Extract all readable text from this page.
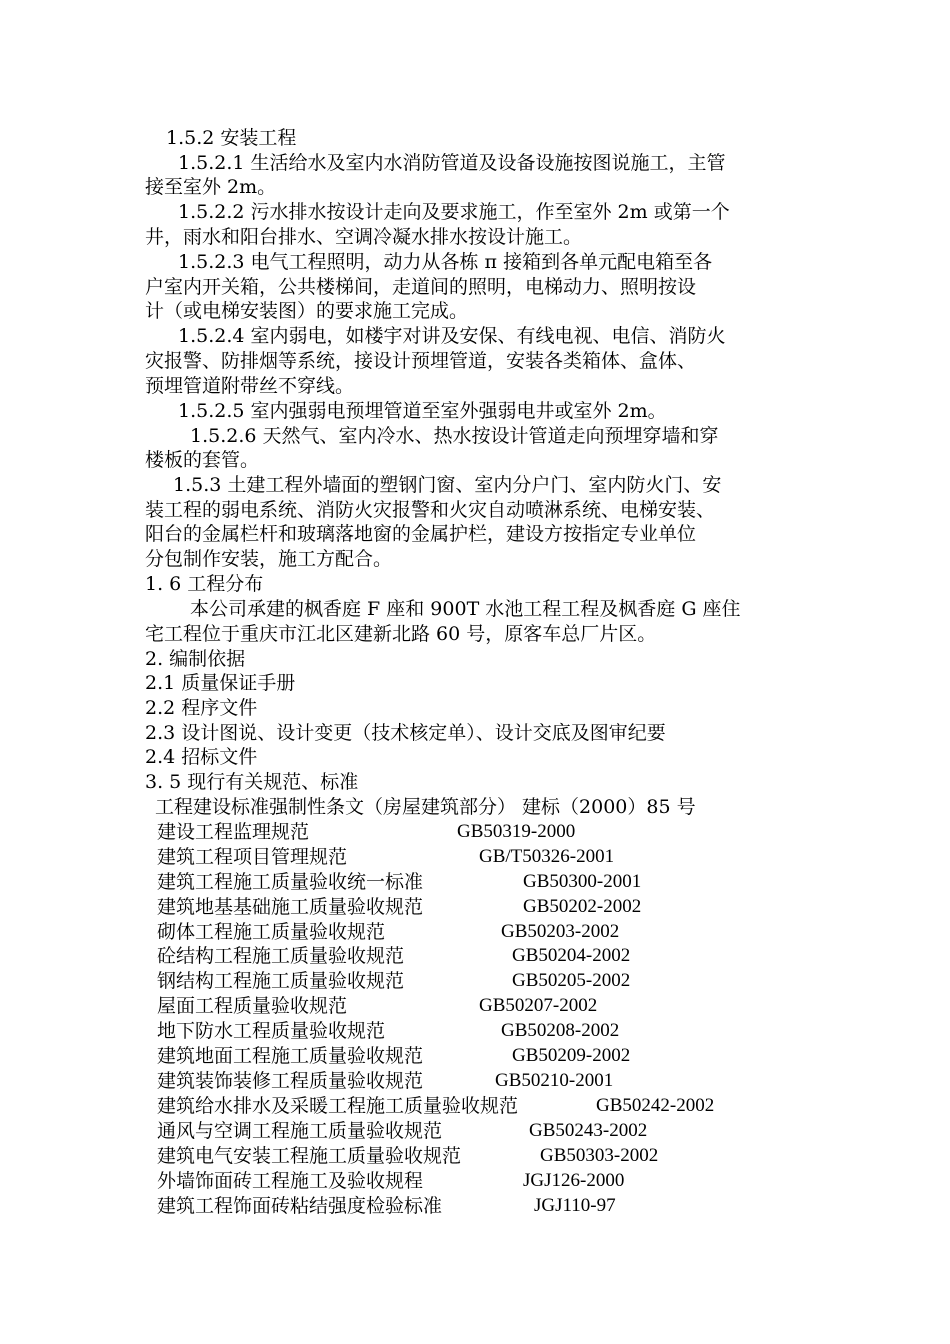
1.5.2 安装工程
1.5.2.1 生活给水及室内水消防管道及设备设施按图说施工，主管
接至室外 2m。
1.5.2.2 污水排水按设计走向及要求施工，作至室外 2m 或第一个
井，雨水和阳台排水、空调冷凝水排水按设计施工。
1.5.2.3 电气工程照明，动力从各栋 π 接箱到各单元配电箱至各
户室内开关箱，公共楼梯间，走道间的照明，电梯动力、照明按设
计（或电梯安装图）的要求施工完成。
1.5.2.4 室内弱电，如楼宇对讲及安保、有线电视、电信、消防火
灾报警、防排烟等系统，接设计预埋管道，安装各类箱体、盒体、
预埋管道附带丝不穿线。
1.5.2.5 室内强弱电预埋管道至室外强弱电井或室外 2m。
1.5.2.6 天然气、室内冷水、热水按设计管道走向预埋穿墙和穿
楼板的套管。
1.5.3 土建工程外墙面的塑钢门窗、室内分户门、室内防火门、安
装工程的弱电系统、消防火灾报警和火灾自动喷淋系统、电梯安装、
阳台的金属栏杆和玻璃落地窗的金属护栏，建设方按指定专业单位
分包制作安装，施工方配合。
1. 6 工程分布
本公司承建的枫香庭 F 座和 900T 水池工程工程及枫香庭 G 座住
宅工程位于重庆市江北区建新北路 60 号，原客车总厂片区。
2. 编制依据
2.1 质量保证手册
2.2 程序文件
2.3 设计图说、设计变更（技术核定单）、设计交底及图审纪要
2.4 招标文件
3. 5 现行有关规范、标准
工程建设标准强制性条文（房屋建筑部分） 建标（2000）85 号
建设工程监理规范	GB50319-2000
建筑工程项目管理规范	GB/T50326-2001
建筑工程施工质量验收统一标准	GB50300-2001
建筑地基基础施工质量验收规范	GB50202-2002
砌体工程施工质量验收规范	GB50203-2002
砼结构工程施工质量验收规范	GB50204-2002
钢结构工程施工质量验收规范	GB50205-2002
屋面工程质量验收规范	GB50207-2002
地下防水工程质量验收规范	GB50208-2002
建筑地面工程施工质量验收规范	GB50209-2002
建筑装饰装修工程质量验收规范	GB50210-2001
建筑给水排水及采暖工程施工质量验收规范	GB50242-2002
通风与空调工程施工质量验收规范	GB50243-2002
建筑电气安装工程施工质量验收规范	GB50303-2002
外墙饰面砖工程施工及验收规程	JGJ126-2000
建筑工程饰面砖粘结强度检验标准	JGJ110-97
